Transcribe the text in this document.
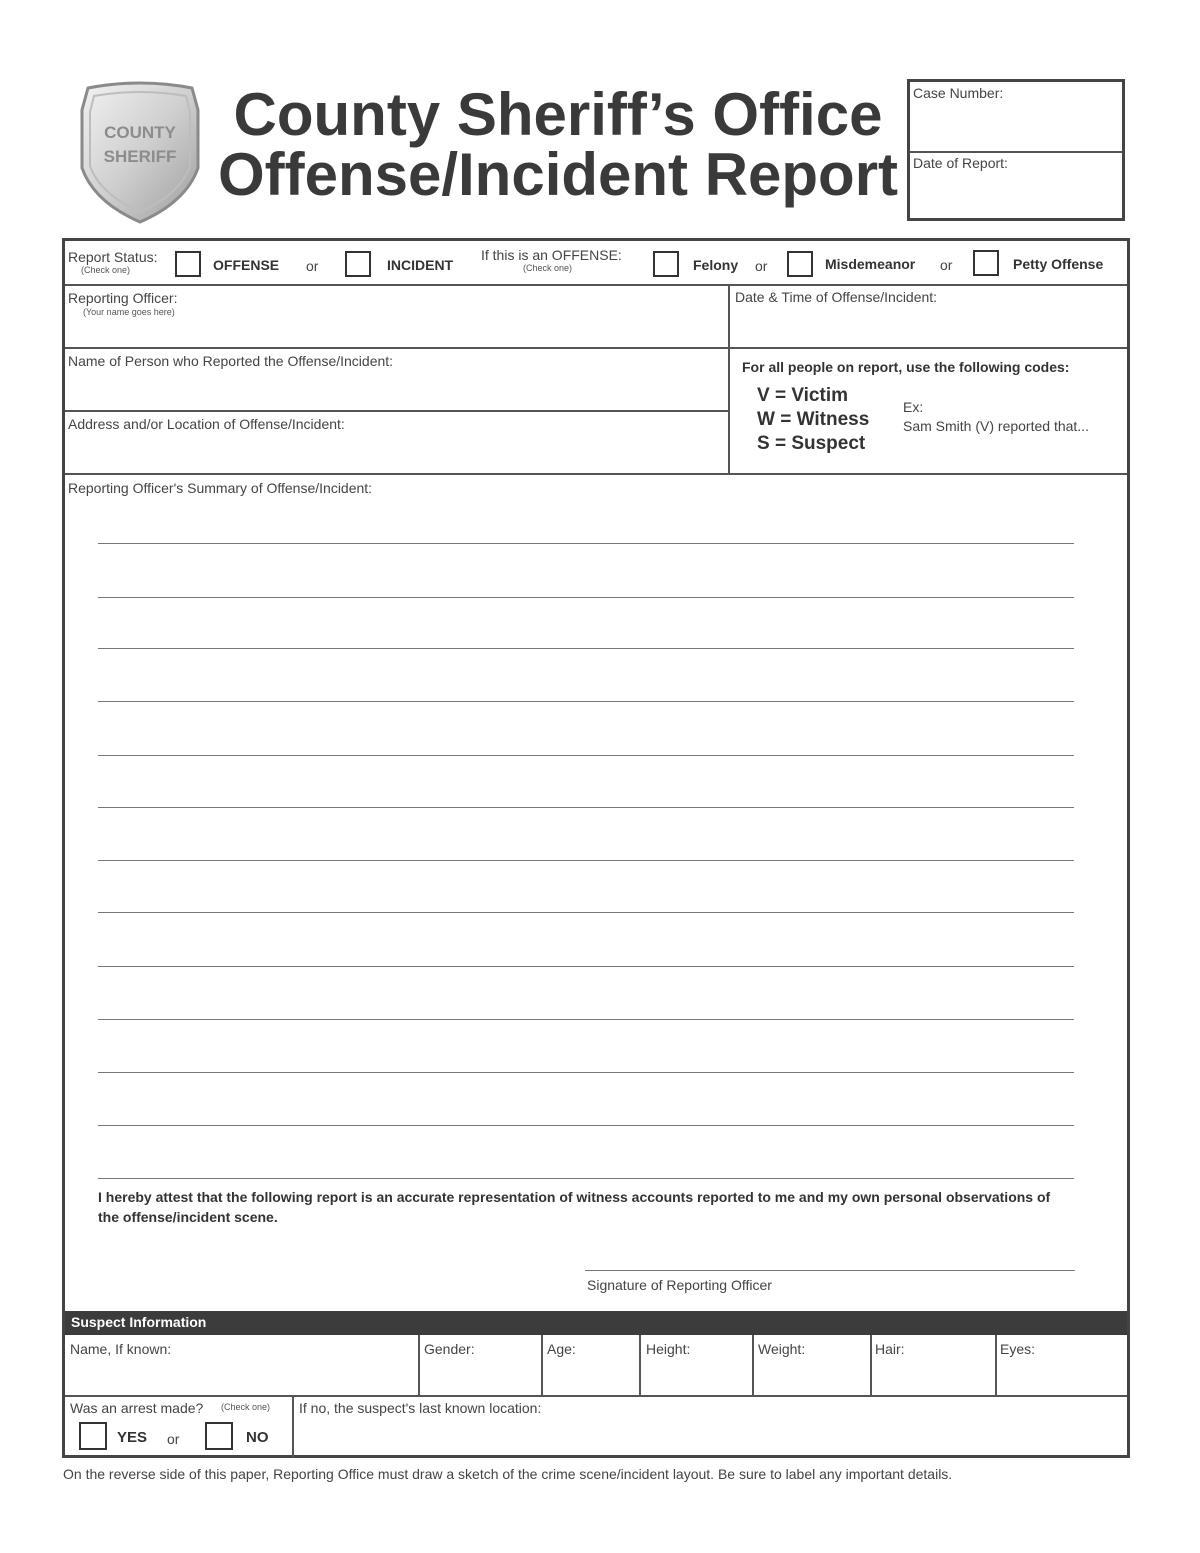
COUNTY
SHERIFF
County Sheriff’s Office
Offense/Incident Report
Case Number:
Date of Report:
Report Status:
(Check one)	OFFENSE or	INCIDENT
If this is an OFFENSE:
(Check one)	Felony or	Misdemeanor or	Petty Offense
Reporting Officer:
(Your name goes here)
Date & Time of Offense/Incident:
Name of Person who Reported the Offense/Incident:
Address and/or Location of Offense/Incident:
For all people on report, use the following codes:
V = Victim
W = Witness
S = Suspect
Ex:
Sam Smith (V) reported that...
Reporting Officer's Summary of Offense/Incident:
I hereby attest that the following report is an accurate representation of witness accounts reported to me and my own personal observations of the offense/incident scene.
Signature of Reporting Officer
Suspect Information
Name, If known:	Gender:	Age:	Height:	Weight:	Hair:	Eyes:
Was an arrest made? (Check one)
YES or	NO
If no, the suspect's last known location:
On the reverse side of this paper, Reporting Office must draw a sketch of the crime scene/incident layout. Be sure to label any important details.
